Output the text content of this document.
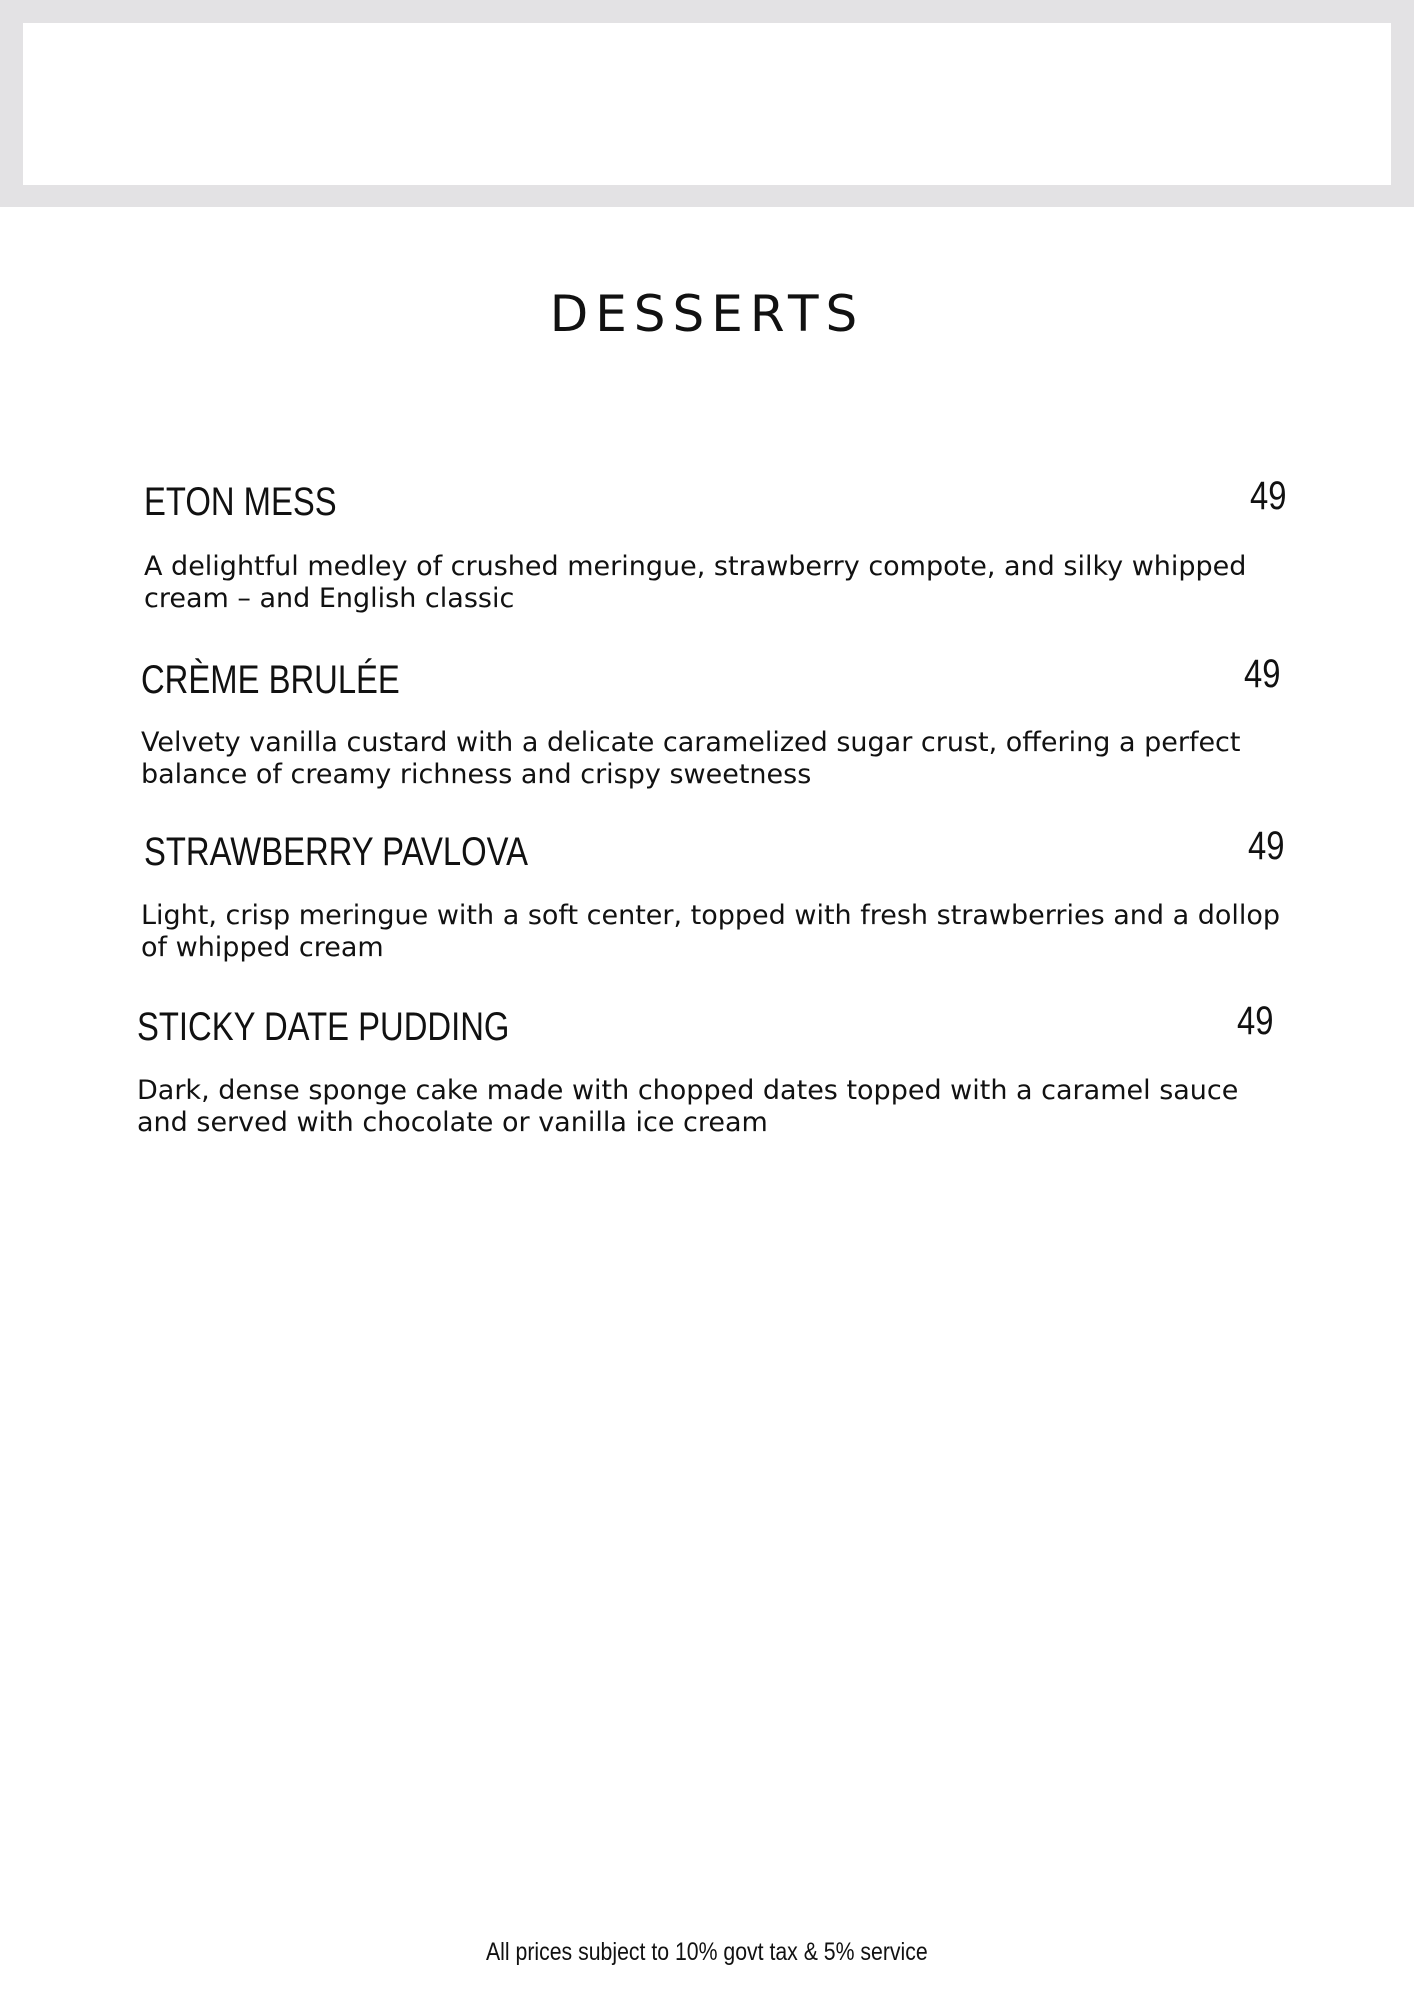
DESSERTS
ETON MESS	49

A delightful medley of crushed meringue, strawberry compote, and silky whipped
cream – and English classic

CRÈME BRULÉE	49

Velvety vanilla custard with a delicate caramelized sugar crust, offering a perfect
balance of creamy richness and crispy sweetness

STRAWBERRY PAVLOVA	49

Light, crisp meringue with a soft center, topped with fresh strawberries and a dollop
of whipped cream

STICKY DATE PUDDING	49

Dark, dense sponge cake made with chopped dates topped with a caramel sauce
and served with chocolate or vanilla ice cream

All prices subject to 10% govt tax & 5% service
